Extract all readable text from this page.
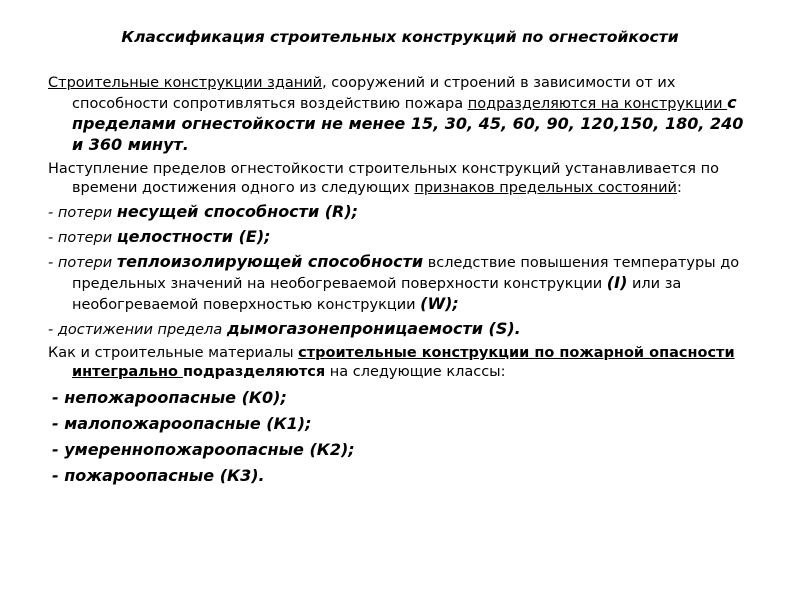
Классификация строительных конструкций по огнестойкости

Строительные конструкции зданий, сооружений и строений в зависимости от их способности сопротивляться воздействию пожара подразделяются на конструкции с пределами огнестойкости не менее 15, 30, 45, 60, 90, 120,150, 180, 240 и 360 минут.

Наступление пределов огнестойкости строительных конструкций устанавливается по времени достижения одного из следующих признаков предельных состояний:

- потери несущей способности (R);

- потери целостности (Е);

- потери теплоизолирующей способности вследствие повышения температуры до предельных значений на необогреваемой поверхности конструкции (I) или за необогреваемой поверхностью конструкции (W);

- достижении предела дымогазонепроницаемости (S).

Как и строительные материалы строительные конструкции по пожарной опасности интегрально подразделяются на следующие классы:

- непожароопасные (К0);

- малопожароопасные (К1);

- умереннопожароопасные (К2);

- пожароопасные (К3).
